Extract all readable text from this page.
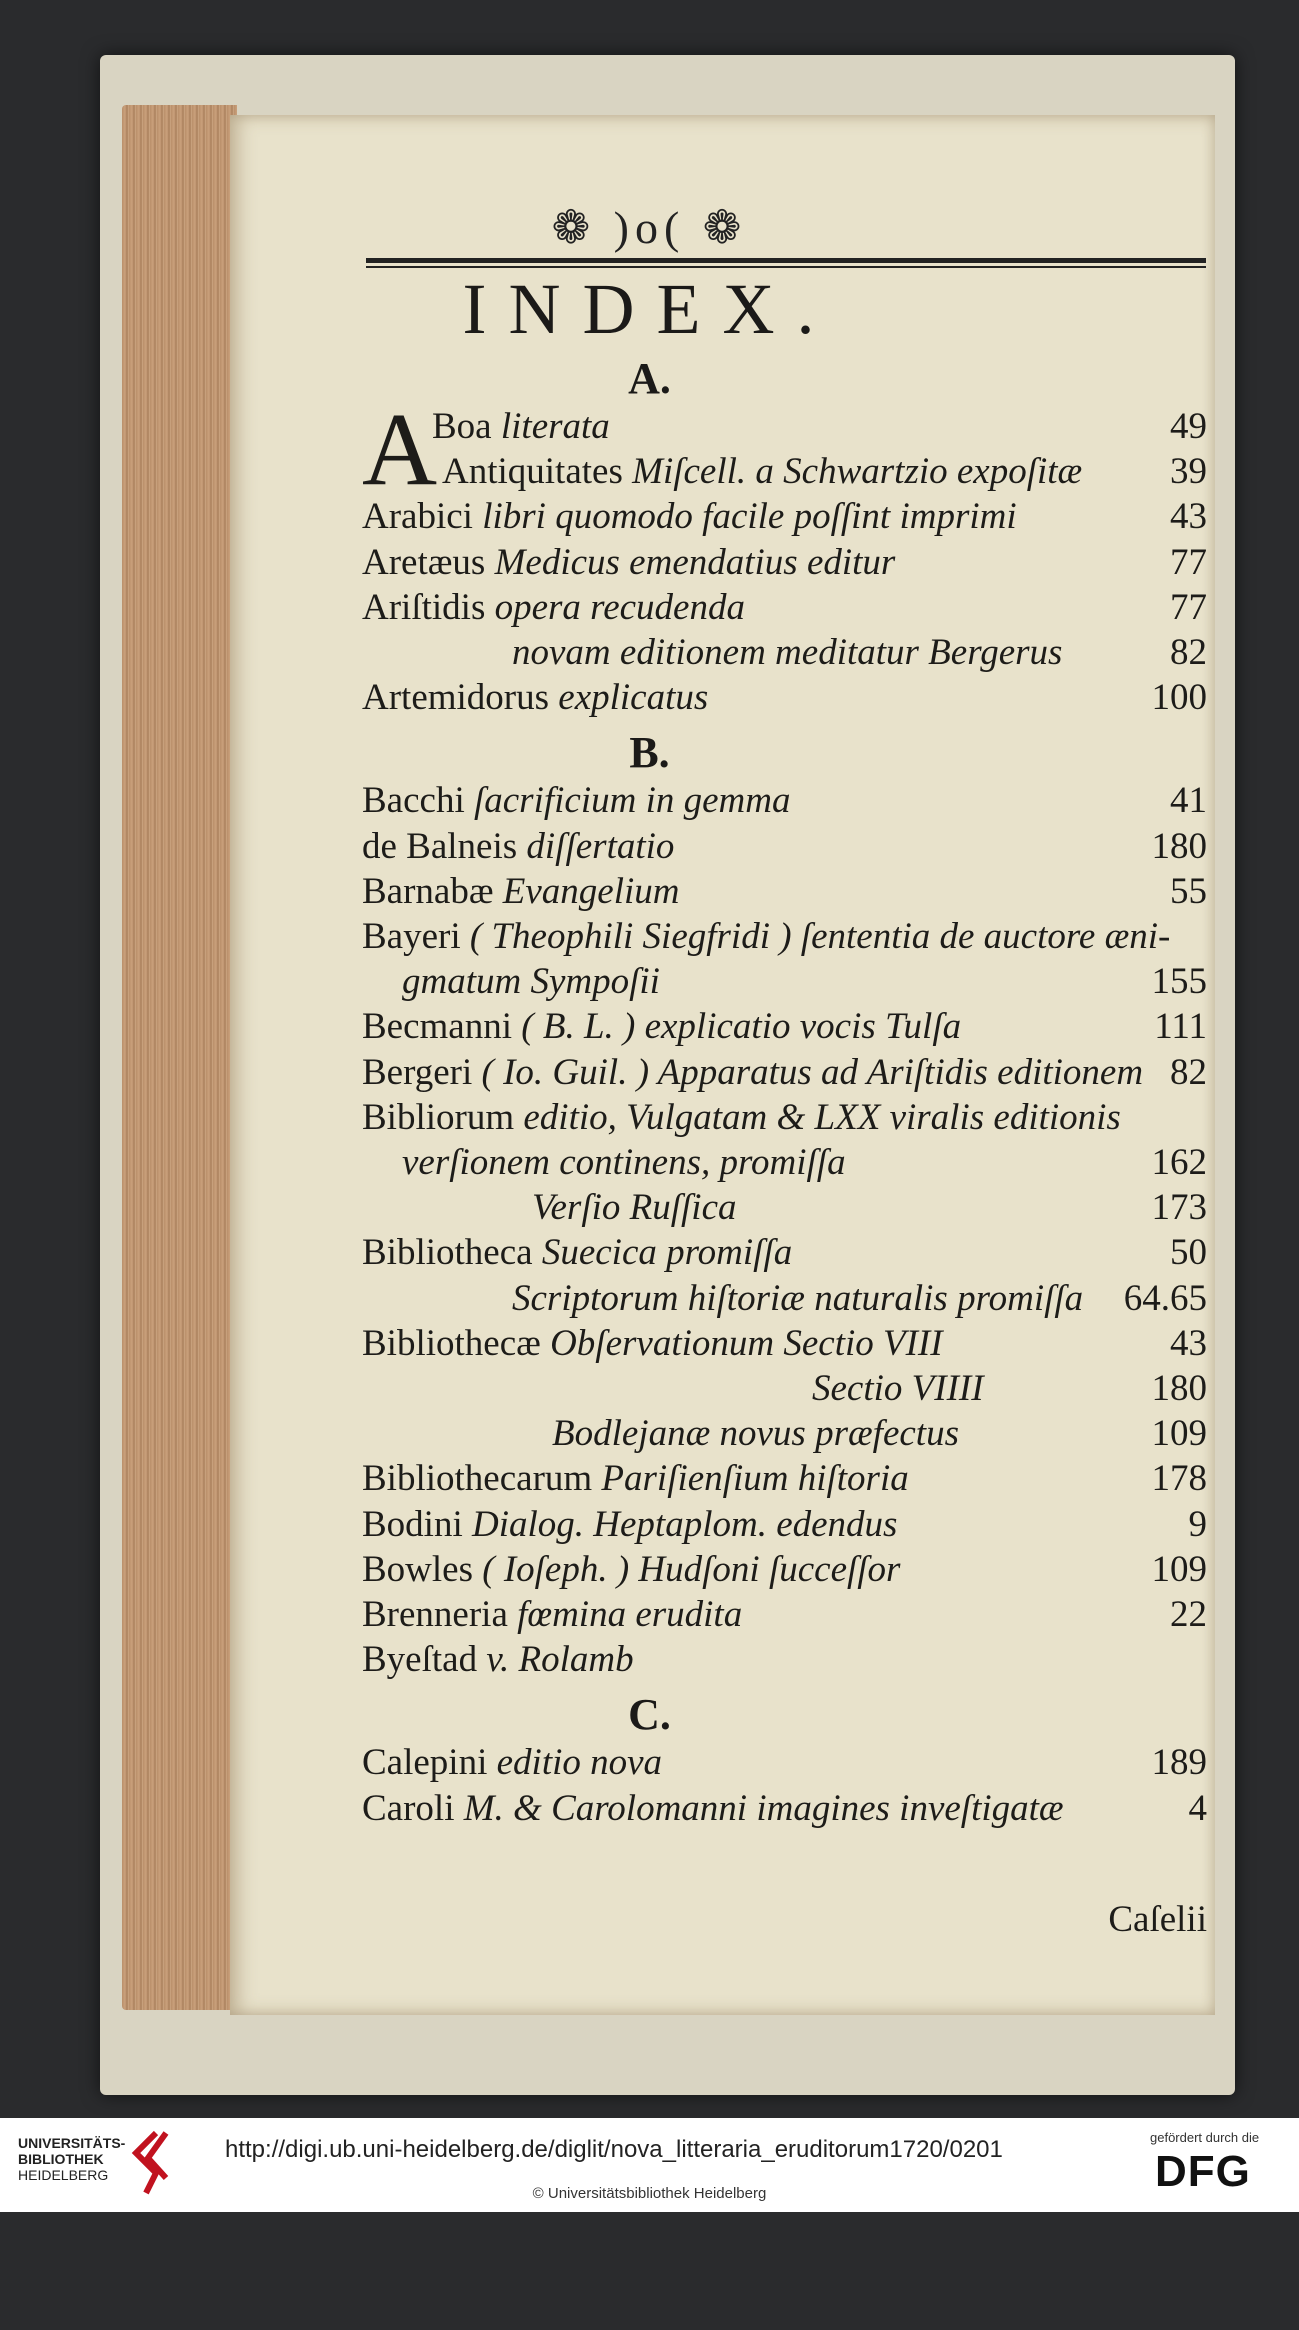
❁ )o( ❁
INDEX.
A
A.
Boa literata	49
Antiquitates Miſcell. a Schwartzio expoſitæ 39
Arabici libri quomodo facile poſſint imprimi	43
Aretæus Medicus emendatius editur	77
Ariſtidis opera recudenda	77
novam editionem meditatur Bergerus	82
Artemidorus explicatus	100
B.
Bacchi ſacrificium in gemma	41
de Balneis diſſertatio	180
Barnabæ Evangelium	55
Bayeri ( Theophili Siegfridi ) ſententia de auctore æni-
gmatum Sympoſii	155
Becmanni ( B. L. ) explicatio vocis Tulſa	111
Bergeri ( Io. Guil. ) Apparatus ad Ariſtidis editionem 82
Bibliorum editio, Vulgatam & LXX viralis editionis
verſionem continens, promiſſa	162
Verſio Ruſſica	173
Bibliotheca Suecica promiſſa	50
Scriptorum hiſtoriæ naturalis promiſſa 64.65
Bibliothecæ Obſervationum Sectio VIII	43
Sectio VIIII	180
Bodlejanæ novus præfectus	109
Bibliothecarum Pariſienſium hiſtoria	178
Bodini Dialog. Heptaplom. edendus	9
Bowles ( Ioſeph. ) Hudſoni ſucceſſor	109
Brenneria fœmina erudita	22
Byeſtad v. Rolamb
C.
Calepini editio nova	189
Caroli M. & Carolomanni imagines inveſtigatæ	4
Caſelii
UNIVERSITÄTS-
BIBLIOTHEK
HEIDELBERG
http://digi.ub.uni-heidelberg.de/diglit/nova_litteraria_eruditorum1720/0201
© Universitätsbibliothek Heidelberg
gefördert durch die
DFG
